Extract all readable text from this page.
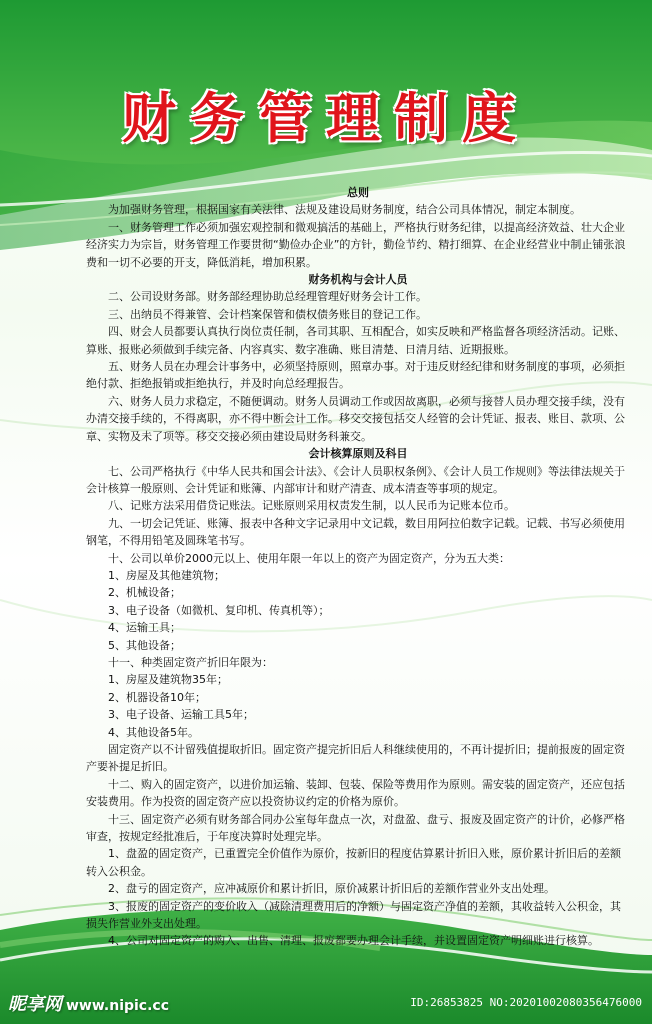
财务管理制度

总则

为加强财务管理，根据国家有关法律、法规及建设局财务制度，结合公司具体情况，制定本制度。

一、财务管理工作必须加强宏观控制和微观搞活的基础上，严格执行财务纪律，以提高经济效益、壮大企业经济实力为宗旨，财务管理工作要贯彻“勤俭办企业”的方针，勤俭节约、精打细算、在企业经营业中制止铺张浪费和一切不必要的开支，降低消耗，增加积累。

财务机构与会计人员

二、公司设财务部。财务部经理协助总经理管理好财务会计工作。

三、出纳员不得兼管、会计档案保管和债权债务账目的登记工作。

四、财会人员都要认真执行岗位责任制，各司其职、互相配合，如实反映和严格监督各项经济活动。记账、算账、报账必须做到手续完备、内容真实、数字准确、账目清楚、日清月结、近期报账。

五、财务人员在办理会计事务中，必须坚持原则，照章办事。对于违反财经纪律和财务制度的事项，必须拒绝付款、拒绝报销或拒绝执行，并及时向总经理报告。

六、财务人员力求稳定，不随便调动。财务人员调动工作或因故离职，必须与接替人员办理交接手续，没有办清交接手续的，不得离职，亦不得中断会计工作。移交交接包括交人经管的会计凭证、报表、账目、款项、公章、实物及未了项等。移交交接必须由建设局财务科兼交。

会计核算原则及科目

七、公司严格执行《中华人民共和国会计法》、《会计人员职权条例》、《会计人员工作规则》等法律法规关于会计核算一般原则、会计凭证和账簿、内部审计和财产清查、成本清查等事项的规定。

八、记账方法采用借贷记账法。记账原则采用权责发生制，以人民币为记账本位币。

九、一切会记凭证、账簿、报表中各种文字记录用中文记载，数目用阿拉伯数字记载。记载、书写必须使用钢笔，不得用铅笔及圆珠笔书写。

十、公司以单价2000元以上、使用年限一年以上的资产为固定资产，分为五大类：

1、房屋及其他建筑物；

2、机械设备；

3、电子设备（如微机、复印机、传真机等）；

4、运输工具；

5、其他设备；

十一、种类固定资产折旧年限为：

1、房屋及建筑物35年；

2、机器设备10年；

3、电子设备、运输工具5年；

4、其他设备5年。

固定资产以不计留残值提取折旧。固定资产提完折旧后人科继续使用的，不再计提折旧；提前报废的固定资产要补提足折旧。

十二、购入的固定资产，以进价加运输、装卸、包装、保险等费用作为原则。需安装的固定资产，还应包括安装费用。作为投资的固定资产应以投资协议约定的价格为原价。

十三、固定资产必须有财务部合同办公室每年盘点一次，对盘盈、盘亏、报废及固定资产的计价，必修严格审查，按规定经批准后，于年度决算时处理完毕。

1、盘盈的固定资产，已重置完全价值作为原价，按新旧的程度估算累计折旧入账，原价累计折旧后的差额转入公积金。

2、盘亏的固定资产，应冲减原价和累计折旧，原价减累计折旧后的差额作营业外支出处理。

3、报废的固定资产的变价收入（减除清理费用后的净额）与固定资产净值的差额，其收益转入公积金，其损失作营业外支出处理。

4、公司对固定资产的购入、出售、清理、报废都要办理会计手续，并设置固定资产明细账进行核算。

昵享网 www.nipic.cc	ID:26853825 NO:20201002080356476000
